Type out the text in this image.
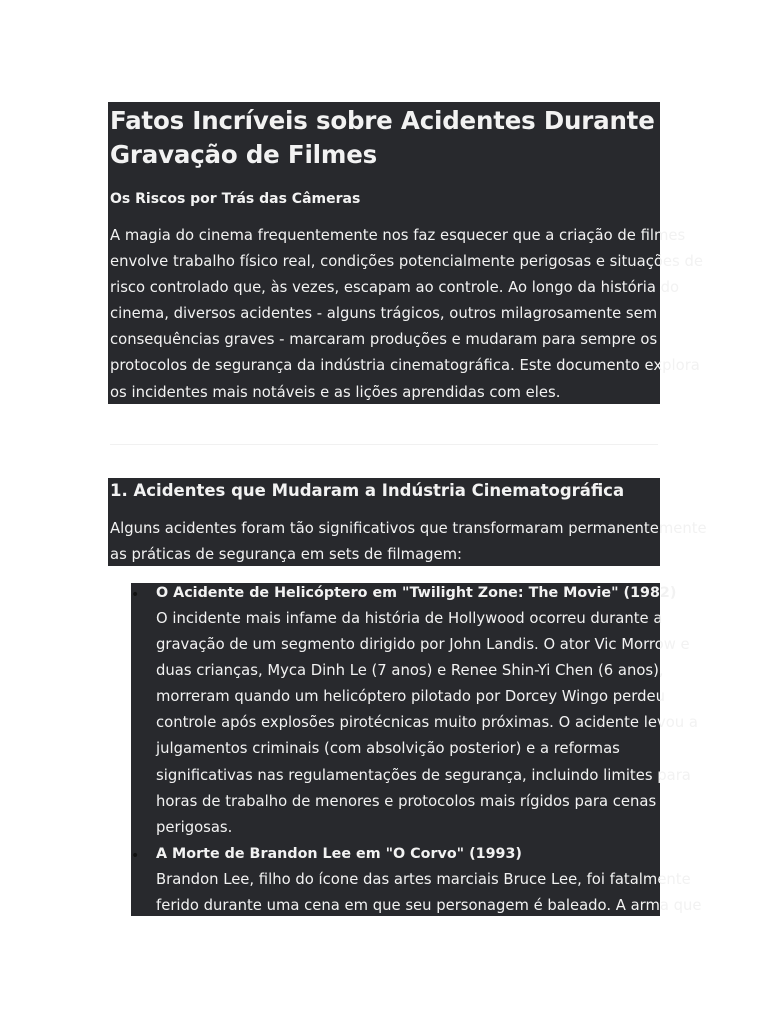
Fatos Incríveis sobre Acidentes Durante
Gravação de Filmes

Os Riscos por Trás das Câmeras

A magia do cinema frequentemente nos faz esquecer que a criação de filmes
envolve trabalho físico real, condições potencialmente perigosas e situações de
risco controlado que, às vezes, escapam ao controle. Ao longo da história do
cinema, diversos acidentes - alguns trágicos, outros milagrosamente sem
consequências graves - marcaram produções e mudaram para sempre os
protocolos de segurança da indústria cinematográfica. Este documento explora
os incidentes mais notáveis e as lições aprendidas com eles.

1. Acidentes que Mudaram a Indústria Cinematográfica

Alguns acidentes foram tão significativos que transformaram permanentemente
as práticas de segurança em sets de filmagem:

• O Acidente de Helicóptero em "Twilight Zone: The Movie" (1982)
O incidente mais infame da história de Hollywood ocorreu durante a
gravação de um segmento dirigido por John Landis. O ator Vic Morrow e
duas crianças, Myca Dinh Le (7 anos) e Renee Shin-Yi Chen (6 anos),
morreram quando um helicóptero pilotado por Dorcey Wingo perdeu
controle após explosões pirotécnicas muito próximas. O acidente levou a
julgamentos criminais (com absolvição posterior) e a reformas
significativas nas regulamentações de segurança, incluindo limites para
horas de trabalho de menores e protocolos mais rígidos para cenas
perigosas.
• A Morte de Brandon Lee em "O Corvo" (1993)
Brandon Lee, filho do ícone das artes marciais Bruce Lee, foi fatalmente
ferido durante uma cena em que seu personagem é baleado. A arma que
